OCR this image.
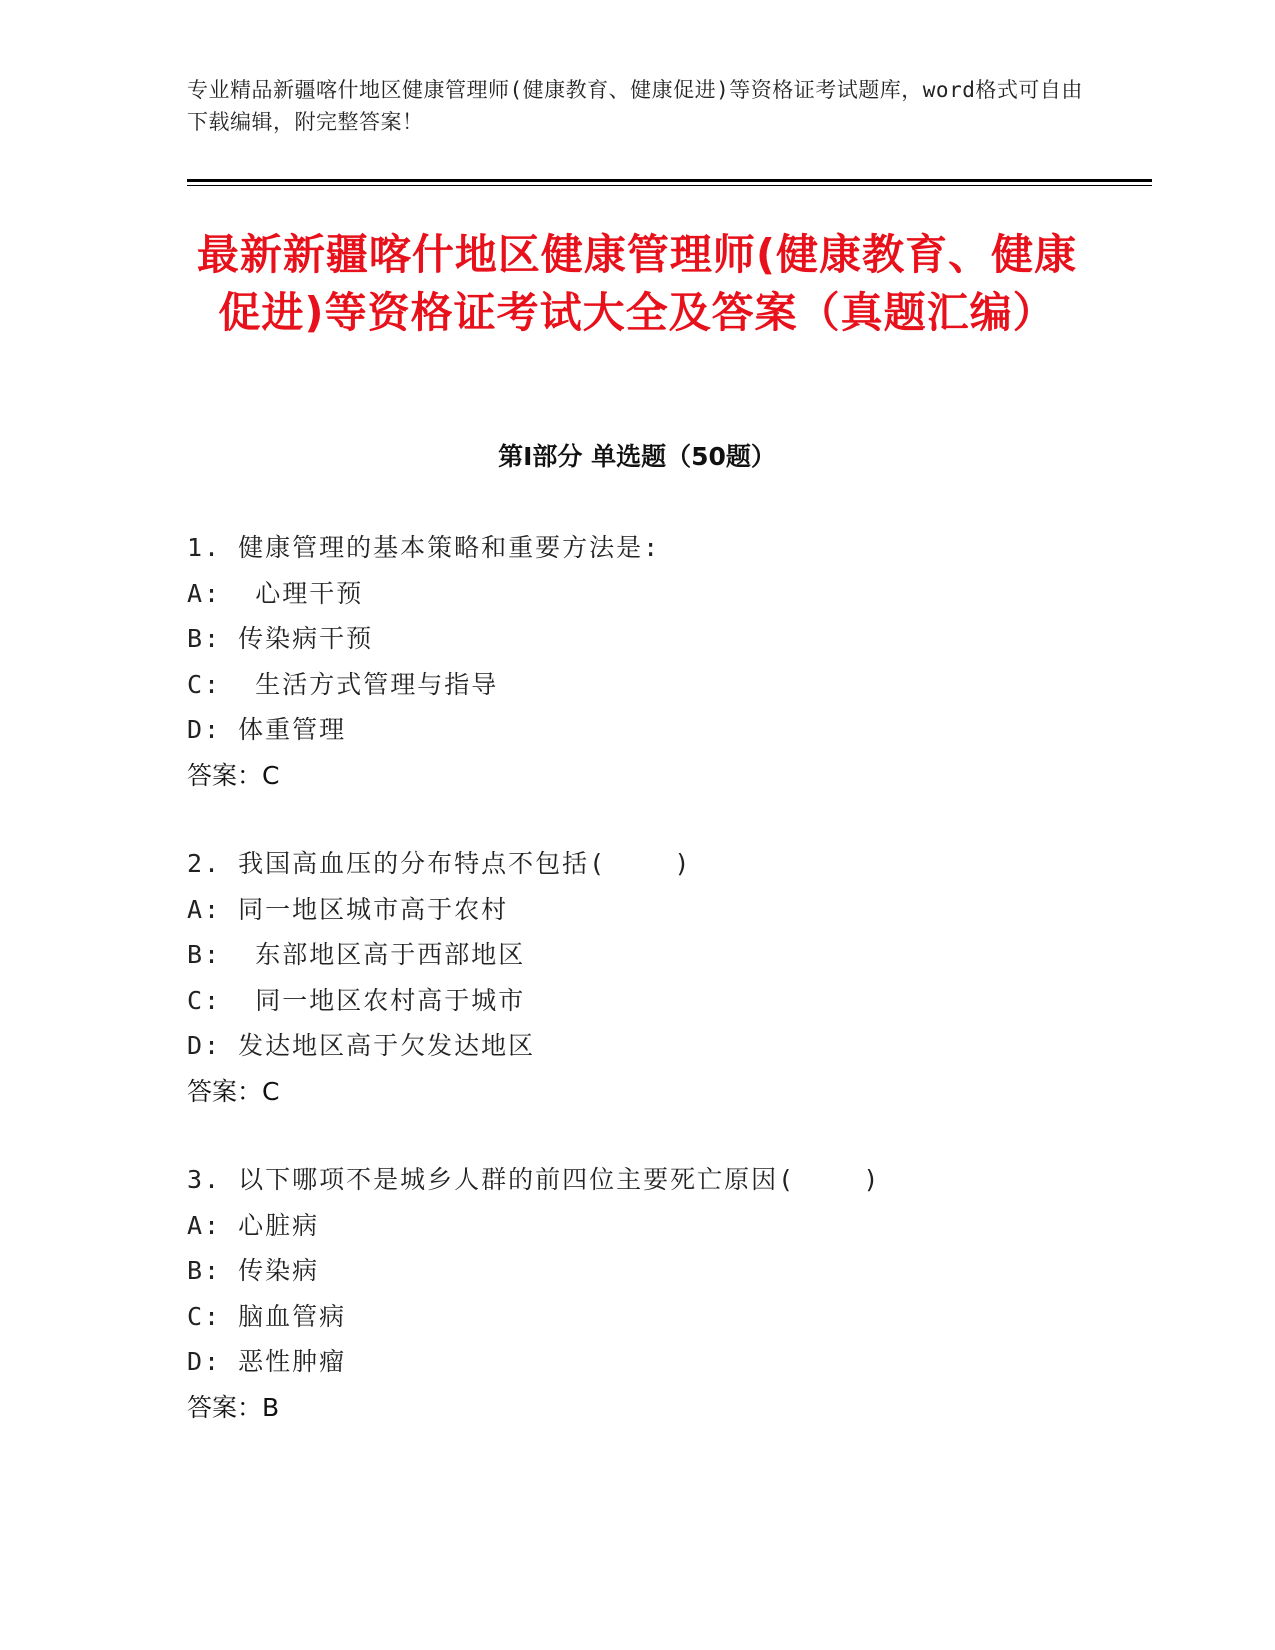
专业精品新疆喀什地区健康管理师(健康教育、健康促进)等资格证考试题库，word格式可自由下载编辑，附完整答案！
最新新疆喀什地区健康管理师(健康教育、健康促进)等资格证考试大全及答案（真题汇编）
第Ⅰ部分 单选题（50题）
1. 健康管理的基本策略和重要方法是:
A:  心理干预
B: 传染病干预
C:  生活方式管理与指导
D: 体重管理
答案：C
2. 我国高血压的分布特点不包括(    )
A: 同一地区城市高于农村
B:  东部地区高于西部地区
C:  同一地区农村高于城市
D: 发达地区高于欠发达地区
答案：C
3. 以下哪项不是城乡人群的前四位主要死亡原因(    )
A: 心脏病
B: 传染病
C: 脑血管病
D: 恶性肿瘤
答案：B
